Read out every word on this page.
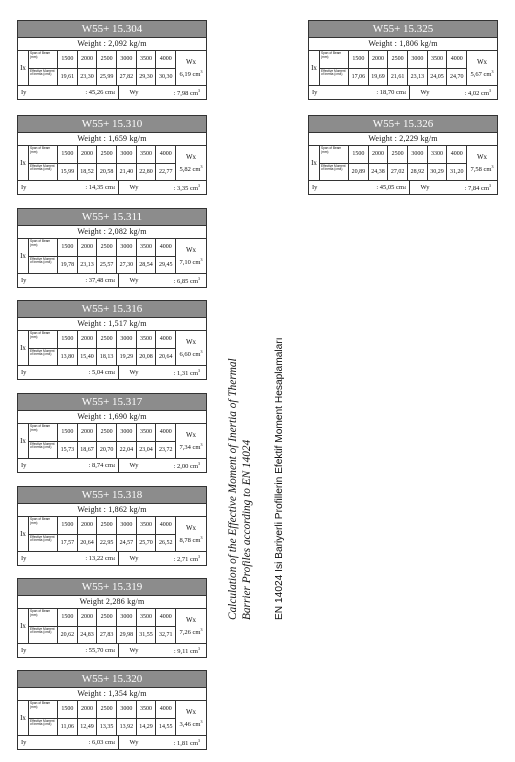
W55+ 15.304
Weight : 2,092 kg/m
Ix
Span of Beam (mm)	1500	2000	2500	3000	3500	4000
Effective Moment of Inertia (cm4)	19,61	23,30	25,99	27,82	29,30	30,30
Wx
6,19 $cm^3$
Iy	: 45,26 cm 4	Wy	: 7,98 $cm^3$
W55+ 15.310
Weight : 1,659 kg/m
Ix
Span of Beam (mm)	1500	2000	2500	3000	3500	4000
Effective Moment of Inertia (cm4)	15,99	18,52	20,58	21,40	22,80	22,77
Wx
5,82 $cm^3$
Iy	: 14,35 cm 4	Wy	: 3,35 $cm^3$
W55+ 15.311
Weight : 2,082 kg/m
Ix
Span of Beam (mm)	1500	2000	2500	3000	3500	4000
Effective Moment of Inertia (cm4)	19,78	23,13	25,57	27,30	28,54	29,45
Wx
7,10 $cm^3$
Iy	: 37,48 cm 4	Wy	: 6,85 $cm^3$
W55+ 15.316
Weight : 1,517 kg/m
Ix
Span of Beam (mm)	1500	2000	2500	3000	3500	4000
Effective Moment of Inertia (cm4)	13,80	15,40	18,13	19,29	20,08	20,64
Wx
6,60 $cm^3$
Iy	: 5,04 cm 4	Wy	: 1,31 $cm^3$
W55+ 15.317
Weight : 1,690 kg/m
Ix
Span of Beam (mm)	1500	2000	2500	3000	3500	4000
Effective Moment of Inertia (cm4)	15,73	18,67	20,70	22,04	23,04	23,72
Wx
7,34 $cm^3$
Iy	: 8,74 cm 4	Wy	: 2,00 $cm^3$
W55+ 15.318
Weight : 1,862 kg/m
Ix
Span of Beam (mm)	1500	2000	2500	3000	3500	4000
Effective Moment of Inertia (cm4)	17,57	20,64	22,95	24,57	25,70	26,52
Wx
8,78 $cm^3$
Iy	: 13,22 cm 4	Wy	: 2,71 $cm^3$
W55+ 15.319
Weight 2,286 kg/m
Ix
Span of Beam (mm)	1500	2000	2500	3000	3500	4000
Effective Moment of Inertia (cm4)	20,62	24,83	27,83	29,98	31,55	32,71
Wx
7,26 $cm^3$
Iy	: 55,70 cm 4	Wy	: 9,11 $cm^3$
W55+ 15.320
Weight : 1,354 kg/m
Ix
Span of Beam (mm)	1500	2000	2500	3000	3500	4000
Effective Moment of Inertia (cm4)	11,06	12,49	13,35	13,92	14,29	14,55
Wx
3,46 $cm^3$
Iy	: 6,03 cm 4	Wy	: 1,81 $cm^3$
W55+ 15.325
Weight : 1,806 kg/m
Ix
Span of Beam (mm)	1500	2000	2500	3000	3500	4000
Effective Moment of Inertia (cm4)	17,06	19,69	21,61	23,13	24,05	24,70
Wx
5,67 $cm^3$
Iy	: 18,70 cm 4	Wy	: 4,02 $cm^3$
W55+ 15.326
Weight : 2,229 kg/m
Ix
Span of Beam (mm)	1500	2000	2500	3000	3300	4000
Effective Moment of Inertia (cm4)	20,89	24,38	27,02	28,92	30,29	31,20
Wx
7,58 $cm^3$
Iy	: 45,05 cm 4	Wy	: 7,84 $cm^3$
Calculation of the Effective Moment of Inertia of Thermal Barrier Profiles according to EN 14024 EN 14024 Isi Bariyerli Profillerin Efektif Moment Hesaplamaları
